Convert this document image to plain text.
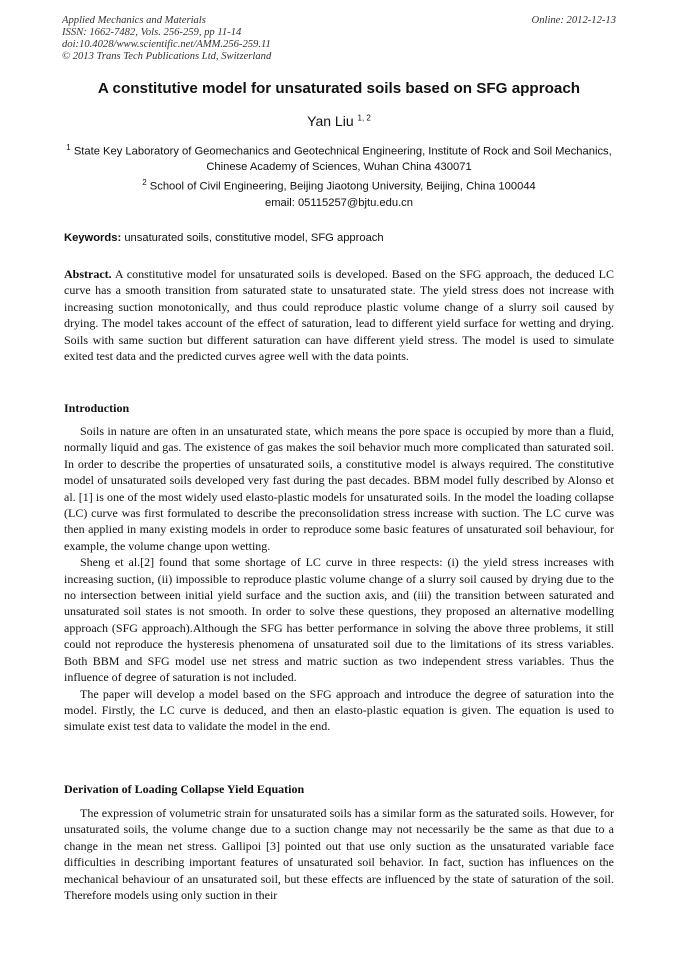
Applied Mechanics and Materials
ISSN: 1662-7482, Vols. 256-259, pp 11-14
doi:10.4028/www.scientific.net/AMM.256-259.11
© 2013 Trans Tech Publications Ltd, Switzerland
Online: 2012-12-13
A constitutive model for unsaturated soils based on SFG approach
Yan Liu $^{1, 2}$
$^1$ State Key Laboratory of Geomechanics and Geotechnical Engineering, Institute of Rock and Soil Mechanics, Chinese Academy of Sciences, Wuhan China 430071
$^2$ School of Civil Engineering, Beijing Jiaotong University, Beijing, China 100044
email: 05115257@bjtu.edu.cn
Keywords: unsaturated soils, constitutive model, SFG approach

Abstract. A constitutive model for unsaturated soils is developed. Based on the SFG approach, the deduced LC curve has a smooth transition from saturated state to unsaturated state. The yield stress does not increase with increasing suction monotonically, and thus could reproduce plastic volume change of a slurry soil caused by drying. The model takes account of the effect of saturation, lead to different yield surface for wetting and drying. Soils with same suction but different saturation can have different yield stress. The model is used to simulate exited test data and the predicted curves agree well with the data points.

Introduction

Soils in nature are often in an unsaturated state, which means the pore space is occupied by more than a fluid, normally liquid and gas. The existence of gas makes the soil behavior much more complicated than saturated soil. In order to describe the properties of unsaturated soils, a constitutive model is always required. The constitutive model of unsaturated soils developed very fast during the past decades. BBM model fully described by Alonso et al. [1] is one of the most widely used elasto-plastic models for unsaturated soils. In the model the loading collapse (LC) curve was first formulated to describe the preconsolidation stress increase with suction. The LC curve was then applied in many existing models in order to reproduce some basic features of unsaturated soil behaviour, for example, the volume change upon wetting.

Sheng et al.[2] found that some shortage of LC curve in three respects: (i) the yield stress increases with increasing suction, (ii) impossible to reproduce plastic volume change of a slurry soil caused by drying due to the no intersection between initial yield surface and the suction axis, and (iii) the transition between saturated and unsaturated soil states is not smooth. In order to solve these questions, they proposed an alternative modelling approach (SFG approach).Although the SFG has better performance in solving the above three problems, it still could not reproduce the hysteresis phenomena of unsaturated soil due to the limitations of its stress variables. Both BBM and SFG model use net stress and matric suction as two independent stress variables. Thus the influence of degree of saturation is not included.

The paper will develop a model based on the SFG approach and introduce the degree of saturation into the model. Firstly, the LC curve is deduced, and then an elasto-plastic equation is given. The equation is used to simulate exist test data to validate the model in the end.

Derivation of Loading Collapse Yield Equation

The expression of volumetric strain for unsaturated soils has a similar form as the saturated soils. However, for unsaturated soils, the volume change due to a suction change may not necessarily be the same as that due to a change in the mean net stress. Gallipoi [3] pointed out that use only suction as the unsaturated variable face difficulties in describing important features of unsaturated soil behavior. In fact, suction has influences on the mechanical behaviour of an unsaturated soil, but these effects are influenced by the state of saturation of the soil. Therefore models using only suction in their
